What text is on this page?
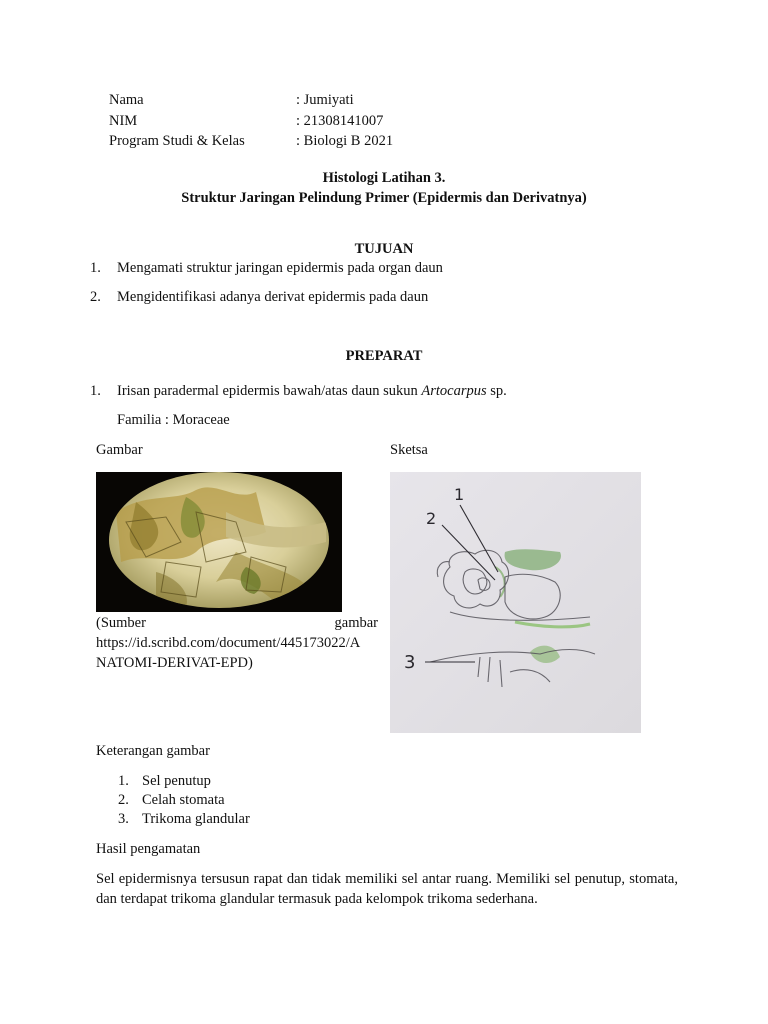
Nama	: Jumiyati
NIM	: 21308141007
Program Studi & Kelas	: Biologi B 2021
Histologi Latihan 3.
Struktur Jaringan Pelindung Primer (Epidermis dan Derivatnya)
TUJUAN
1. Mengamati struktur jaringan epidermis pada organ daun
2. Mengidentifikasi adanya derivat epidermis pada daun
PREPARAT
1. Irisan paradermal epidermis bawah/atas daun sukun Artocarpus sp.
Familia : Moraceae
Gambar	Sketsa
(Sumber	gambar
https://id.scribd.com/document/445173022/A
NATOMI-DERIVAT-EPD)
1
2
3
Keterangan gambar
1. Sel penutup
2. Celah stomata
3. Trikoma glandular
Hasil pengamatan
Sel epidermisnya tersusun rapat dan tidak memiliki sel antar ruang. Memiliki sel penutup, stomata, dan terdapat trikoma glandular termasuk pada kelompok trikoma sederhana.
